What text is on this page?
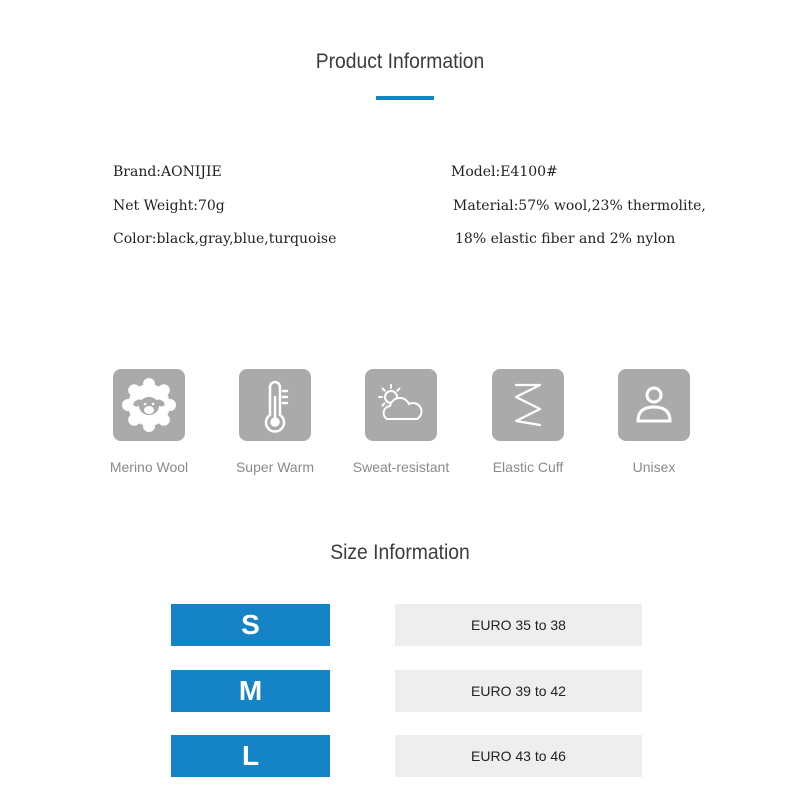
Product Information
Brand:AONIJIE	Model:E4100#
Net Weight:70g	Material:57% wool,23% thermolite,
Color:black,gray,blue,turquoise	18% elastic fiber and 2% nylon
Merino Wool	Super Warm	Sweat-resistant	Elastic Cuff	Unisex
Size Information
S	EURO 35 to 38
M	EURO 39 to 42
L	EURO 43 to 46
